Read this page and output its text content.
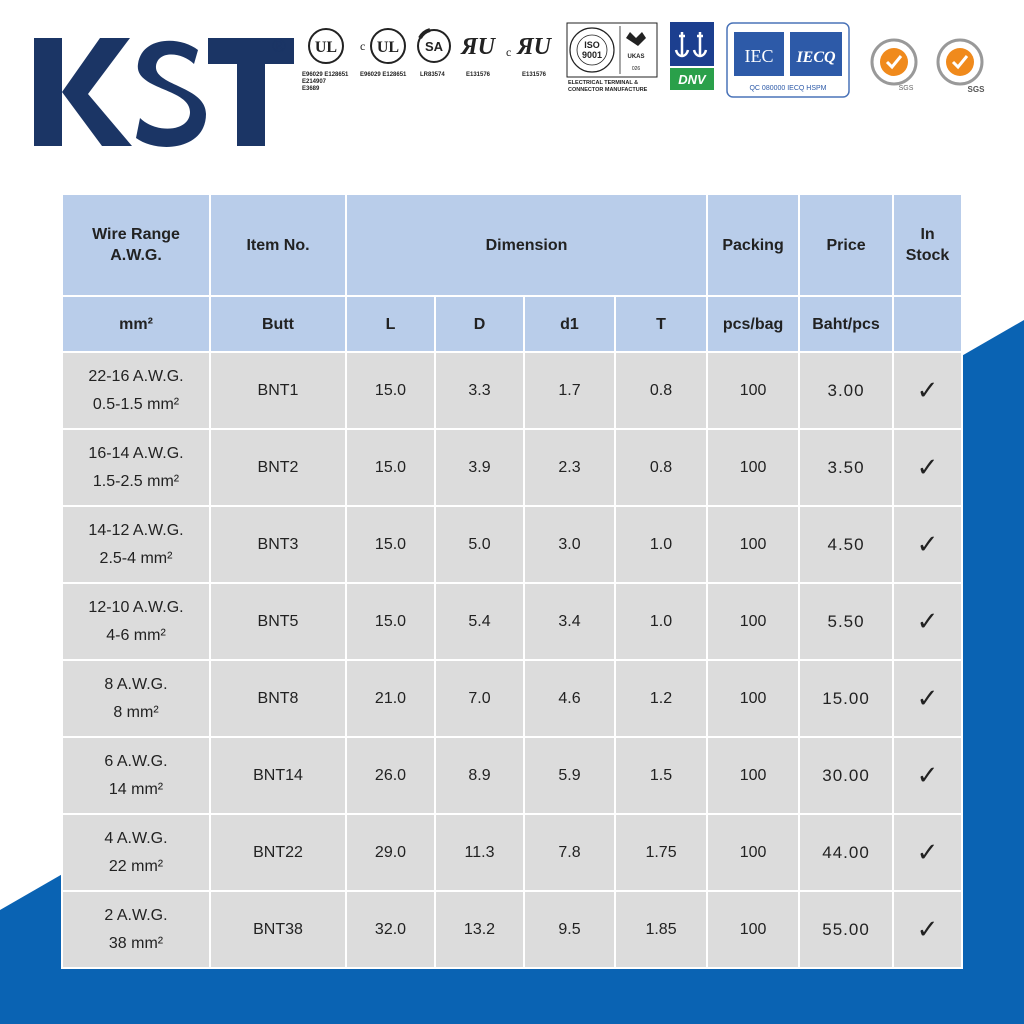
® UL
E96029 E128651
E214907
E3689
c UL
E96029 E128651
SA
LR83574
ЯU
E131576
c ЯU
E131576
ISO
9001	UKAS
026
ELECTRICAL TERMINAL & CONNECTOR MANUFACTURE
DNV
IEC IECQ
QC 080000 IECQ HSPM	SGS	SGS
Wire Range
A.W.G.	Item No.	Dimension				Packing	Price	In
Stock
mm²	Butt	L	D	d1	T	pcs/bag	Baht/pcs	

22-16 A.W.G.
0.5-1.5 mm²	BNT1	15.0	3.3	1.7	0.8	100	3.00	✓

16-14 A.W.G.
1.5-2.5 mm²	BNT2	15.0	3.9	2.3	0.8	100	3.50	✓

14-12 A.W.G.
2.5-4 mm²	BNT3	15.0	5.0	3.0	1.0	100	4.50	✓

12-10 A.W.G.
4-6 mm²	BNT5	15.0	5.4	3.4	1.0	100	5.50	✓

8 A.W.G.
8 mm²	BNT8	21.0	7.0	4.6	1.2	100	15.00	✓

6 A.W.G.
14 mm²	BNT14	26.0	8.9	5.9	1.5	100	30.00	✓

4 A.W.G.
22 mm²	BNT22	29.0	11.3	7.8	1.75	100	44.00	✓

2 A.W.G.
38 mm²	BNT38	32.0	13.2	9.5	1.85	100	55.00	✓
